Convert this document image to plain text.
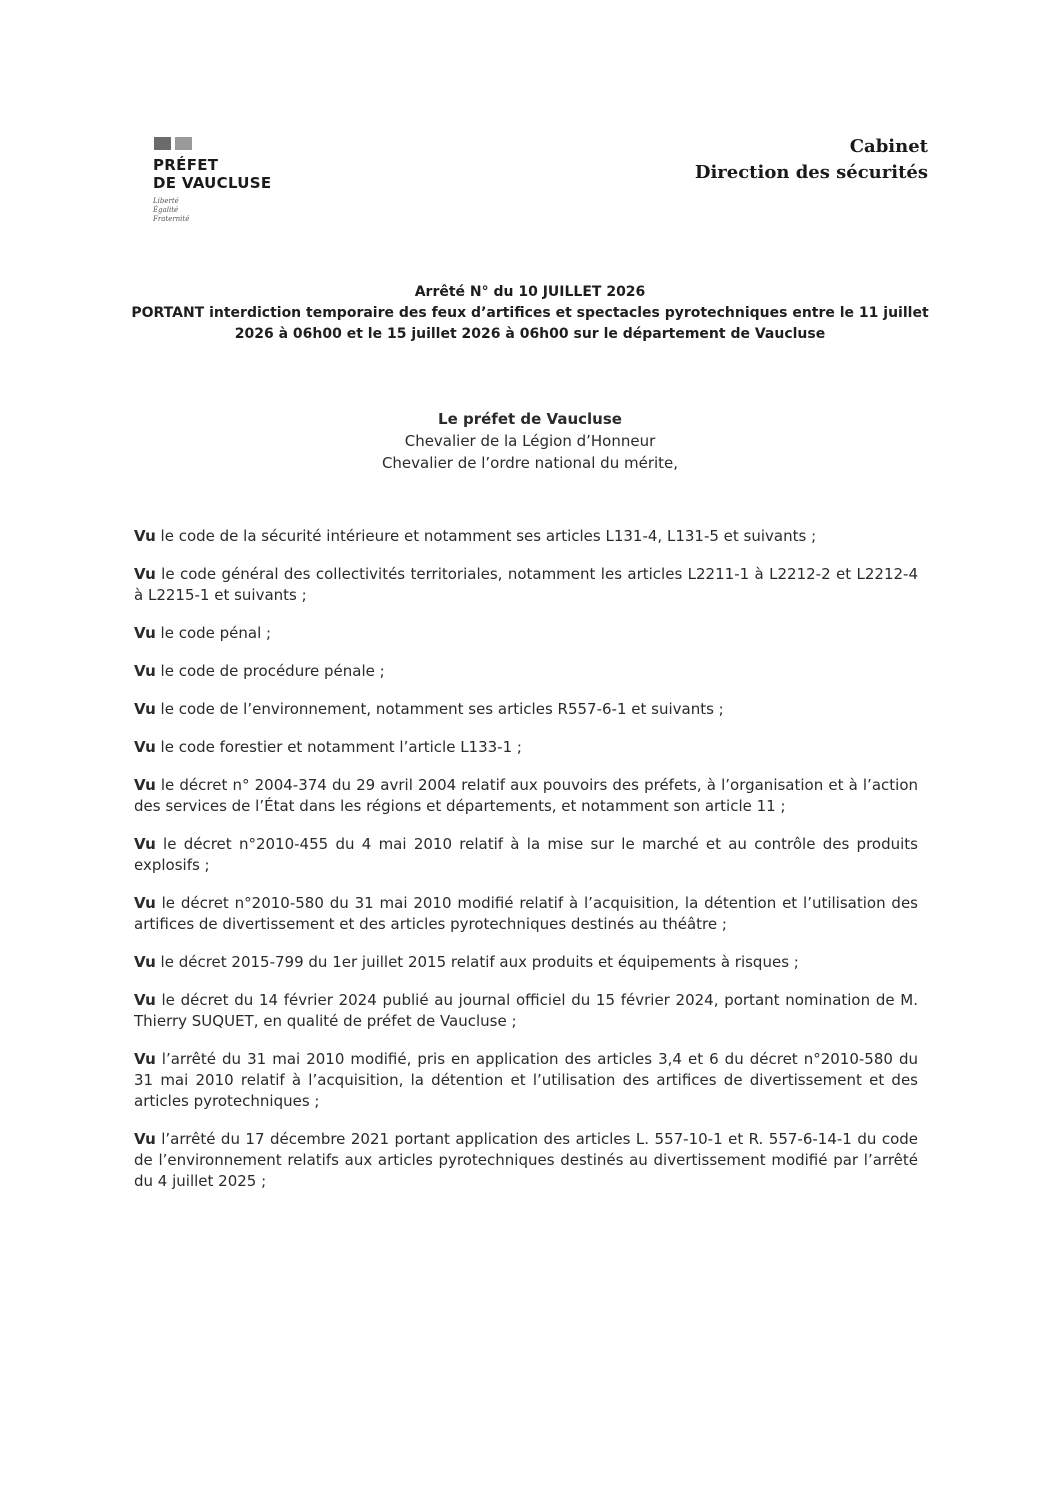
PRÉFET
DE VAUCLUSE
Liberté
Égalité
Fraternité
Cabinet
Direction des sécurités
Arrêté N° du 10 JUILLET 2026
PORTANT interdiction temporaire des feux d’artifices et spectacles pyrotechniques entre le 11 juillet 2026 à 06h00 et le 15 juillet 2026 à 06h00 sur le département de Vaucluse
Le préfet de Vaucluse
Chevalier de la Légion d’Honneur
Chevalier de l’ordre national du mérite,

Vu le code de la sécurité intérieure et notamment ses articles L131-4, L131-5 et suivants ;

Vu le code général des collectivités territoriales, notamment les articles L2211-1 à L2212-2 et L2212-4 à L2215-1 et suivants ;

Vu le code pénal ;

Vu le code de procédure pénale ;

Vu le code de l’environnement, notamment ses articles R557-6-1 et suivants ;

Vu le code forestier et notamment l’article L133-1 ;

Vu le décret n° 2004-374 du 29 avril 2004 relatif aux pouvoirs des préfets, à l’organisation et à l’action des services de l’État dans les régions et départements, et notamment son article 11 ;

Vu le décret n°2010-455 du 4 mai 2010 relatif à la mise sur le marché et au contrôle des produits explosifs ;

Vu le décret n°2010-580 du 31 mai 2010 modifié relatif à l’acquisition, la détention et l’utilisation des artifices de divertissement et des articles pyrotechniques destinés au théâtre ;

Vu le décret 2015-799 du 1er juillet 2015 relatif aux produits et équipements à risques ;

Vu le décret du 14 février 2024 publié au journal officiel du 15 février 2024, portant nomination de M. Thierry SUQUET, en qualité de préfet de Vaucluse ;

Vu l’arrêté du 31 mai 2010 modifié, pris en application des articles 3,4 et 6 du décret n°2010-580 du 31 mai 2010 relatif à l’acquisition, la détention et l’utilisation des artifices de divertissement et des articles pyrotechniques ;

Vu l’arrêté du 17 décembre 2021 portant application des articles L. 557-10-1 et R. 557-6-14-1 du code de l’environnement relatifs aux articles pyrotechniques destinés au divertissement modifié par l’arrêté du 4 juillet 2025 ;
